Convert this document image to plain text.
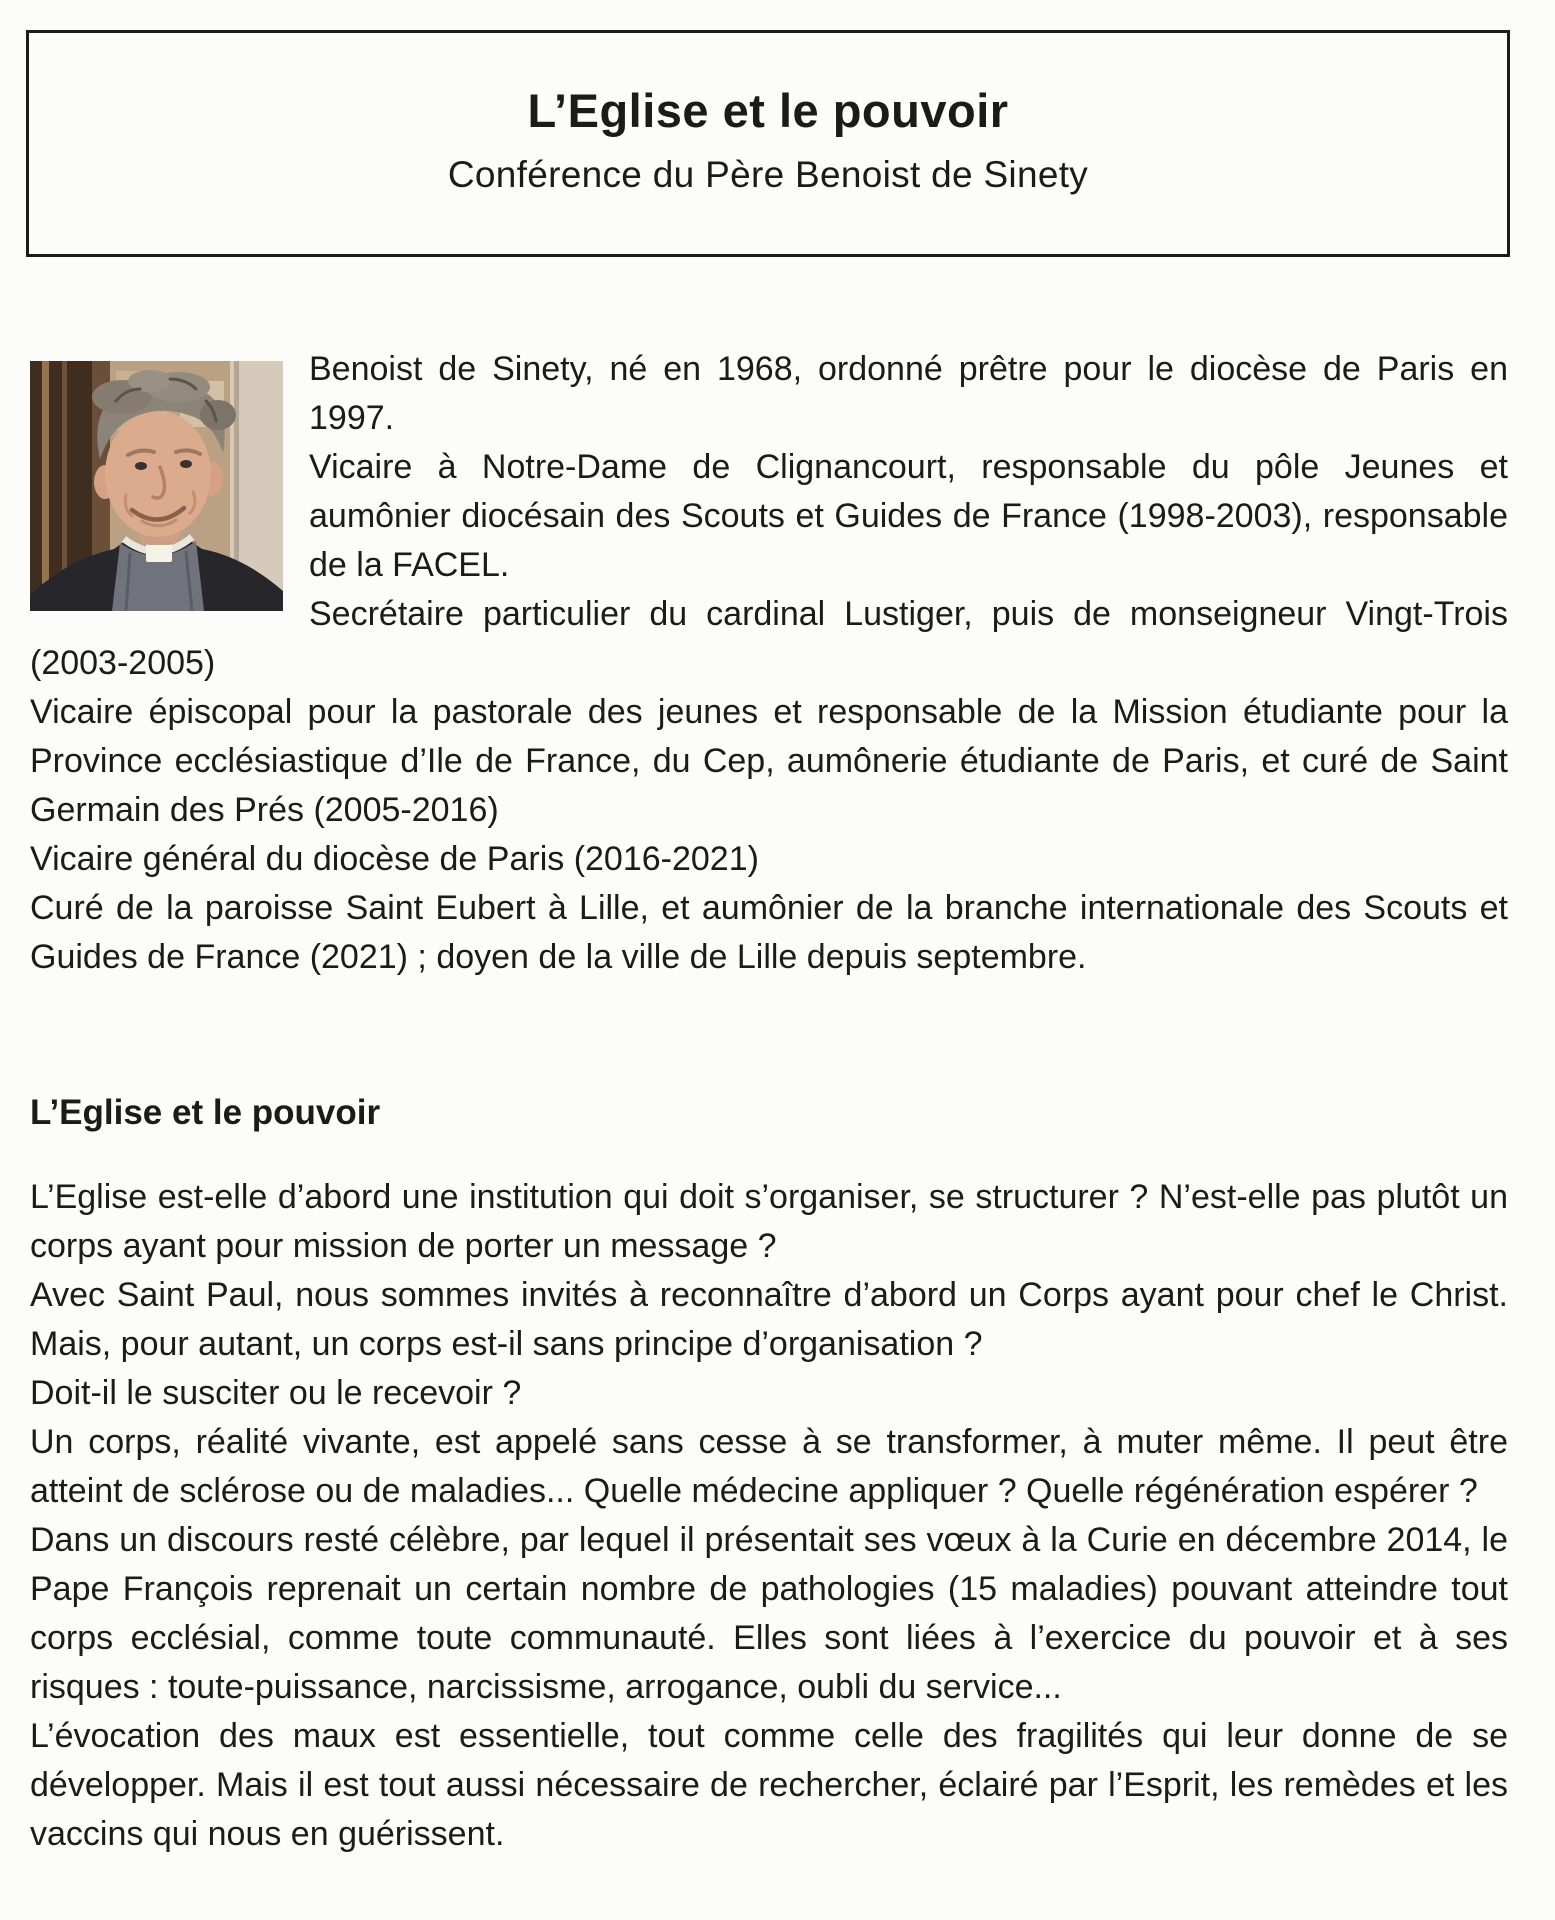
L’Eglise et le pouvoir
Conférence du Père Benoist de Sinety

Benoist de Sinety, né en 1968, ordonné prêtre pour le diocèse de Paris en 1997.

Vicaire à Notre-Dame de Clignancourt, responsable du pôle Jeunes et aumônier diocésain des Scouts et Guides de France (1998-2003), responsable de la FACEL.

Secrétaire particulier du cardinal Lustiger, puis de monseigneur Vingt-Trois (2003-2005)

Vicaire épiscopal pour la pastorale des jeunes et responsable de la Mission étudiante pour la Province ecclésiastique d’Ile de France, du Cep, aumônerie étudiante de Paris, et curé de Saint Germain des Prés (2005-2016)

Vicaire général du diocèse de Paris (2016-2021)

Curé de la paroisse Saint Eubert à Lille, et aumônier de la branche internationale des Scouts et Guides de France (2021) ; doyen de la ville de Lille depuis septembre.

L’Eglise et le pouvoir

L’Eglise est-elle d’abord une institution qui doit s’organiser, se structurer ? N’est-elle pas plutôt un corps ayant pour mission de porter un message ?

Avec Saint Paul, nous sommes invités à reconnaître d’abord un Corps ayant pour chef le Christ. Mais, pour autant, un corps est-il sans principe d’organisation ?

Doit-il le susciter ou le recevoir ?

Un corps, réalité vivante, est appelé sans cesse à se transformer, à muter même. Il peut être atteint de sclérose ou de maladies... Quelle médecine appliquer ? Quelle régénération espérer ?

Dans un discours resté célèbre, par lequel il présentait ses vœux à la Curie en décembre 2014, le Pape François reprenait un certain nombre de pathologies (15 maladies) pouvant atteindre tout corps ecclésial, comme toute communauté. Elles sont liées à l’exercice du pouvoir et à ses risques : toute-puissance, narcissisme, arrogance, oubli du service...

L’évocation des maux est essentielle, tout comme celle des fragilités qui leur donne de se développer. Mais il est tout aussi nécessaire de rechercher, éclairé par l’Esprit, les remèdes et les vaccins qui nous en guérissent.
